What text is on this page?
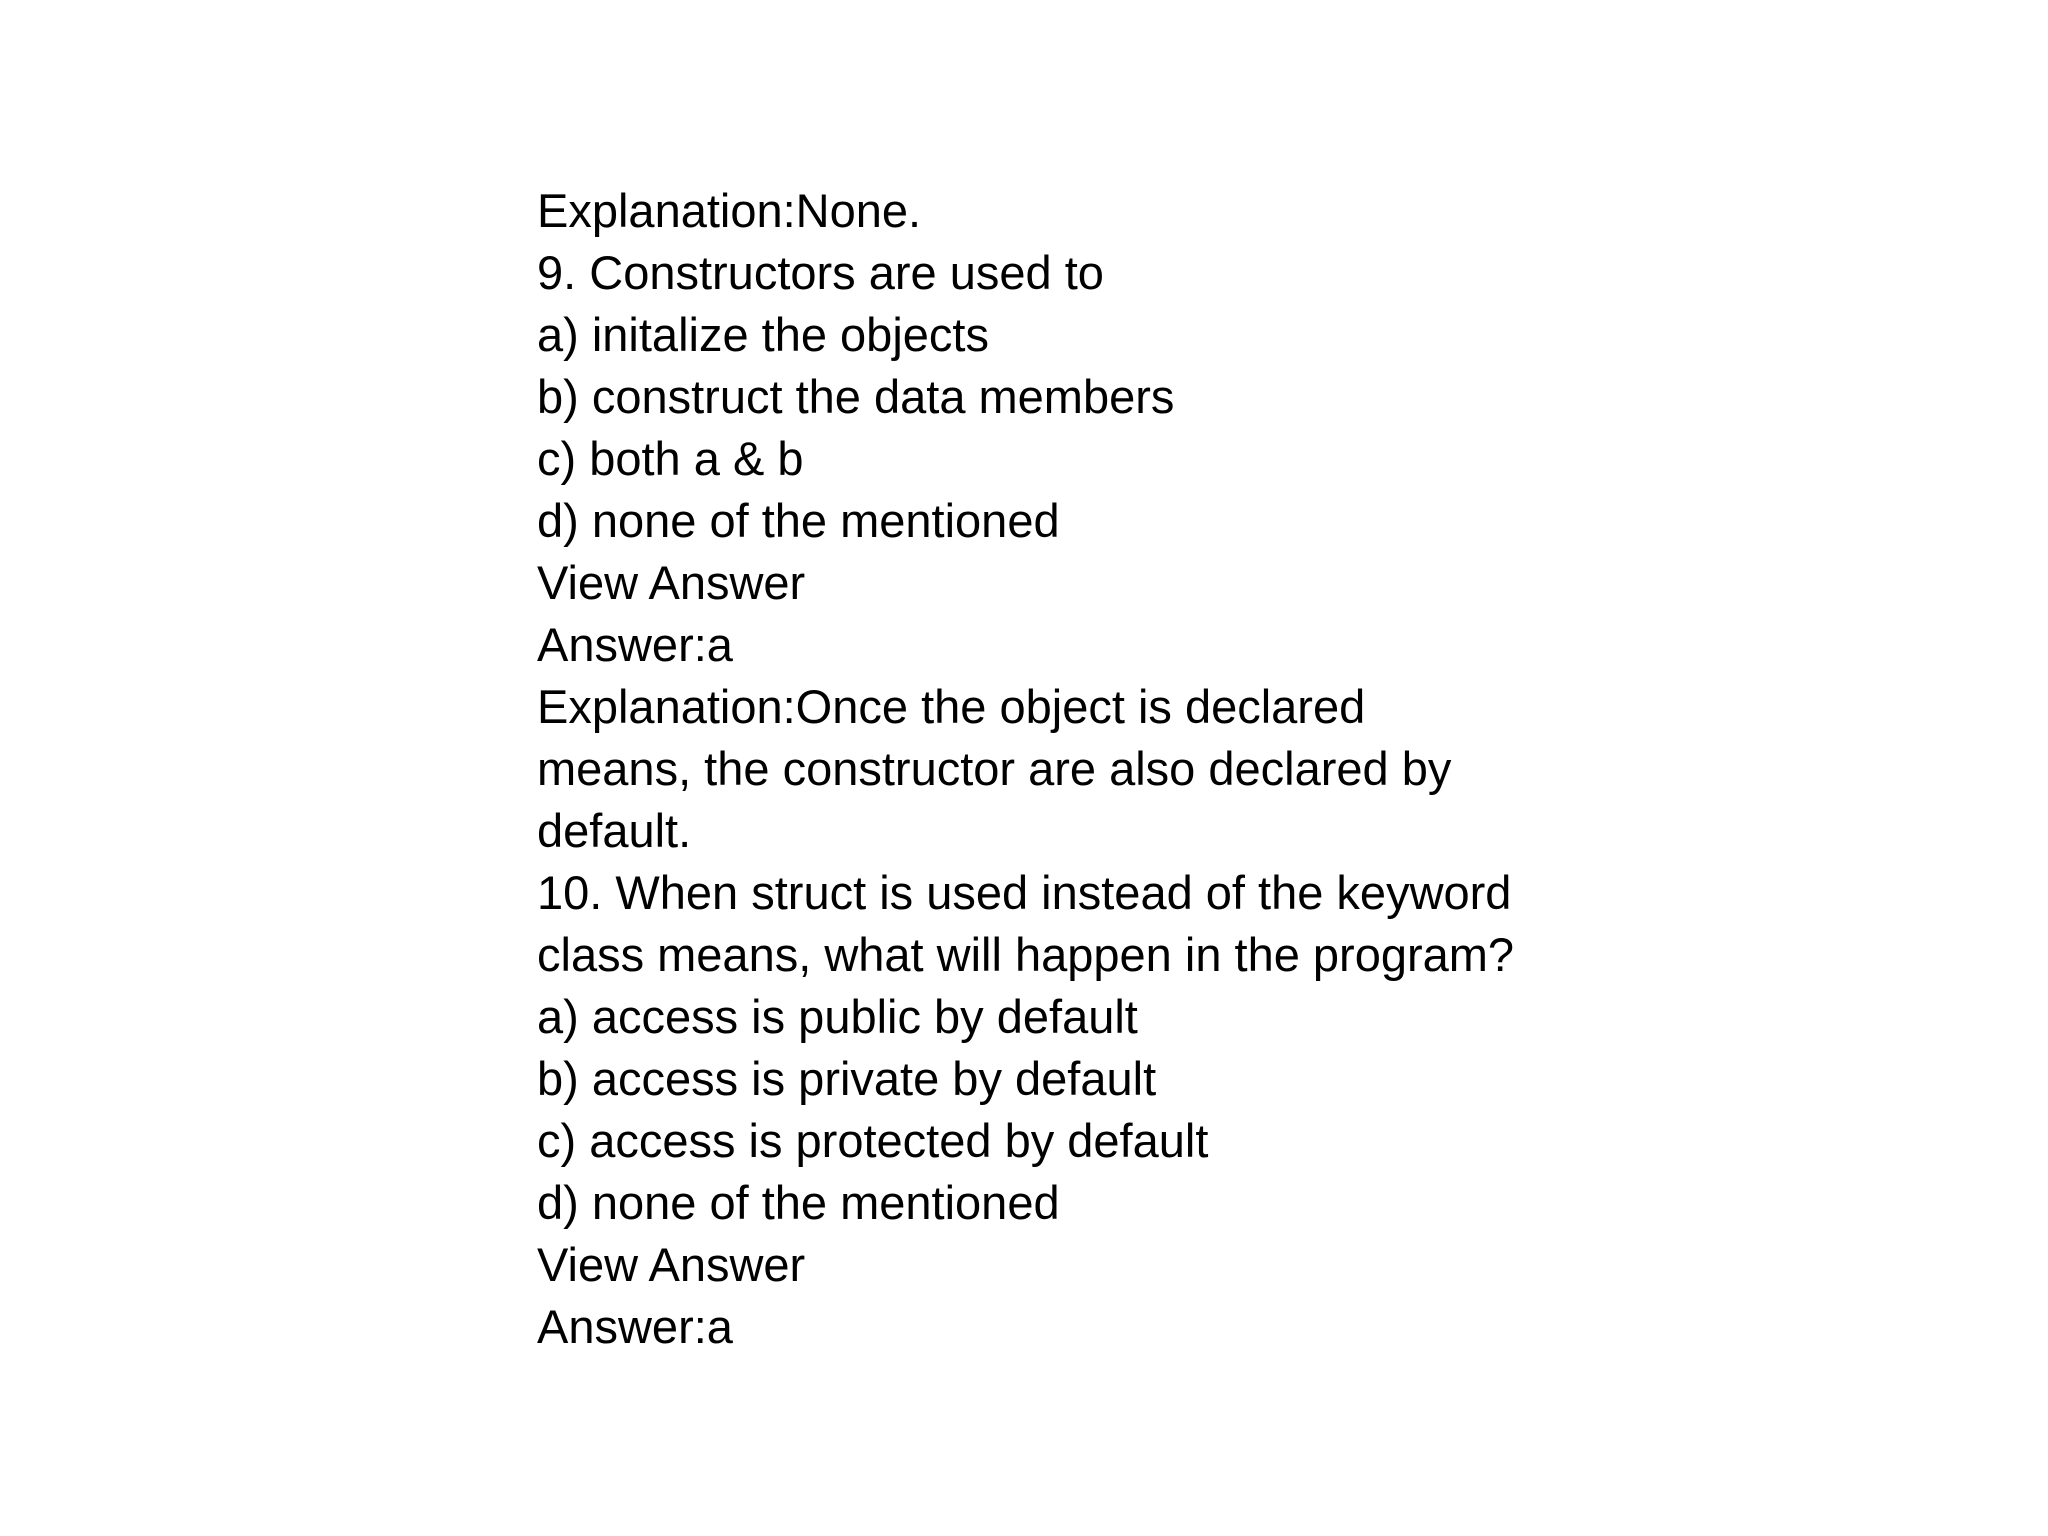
Explanation:None.
9. Constructors are used to
a) initalize the objects
b) construct the data members
c) both a & b
d) none of the mentioned
View Answer
Answer:a
Explanation:Once the object is declared
means, the constructor are also declared by
default.
10. When struct is used instead of the keyword
class means, what will happen in the program?
a) access is public by default
b) access is private by default
c) access is protected by default
d) none of the mentioned
View Answer
Answer:a
